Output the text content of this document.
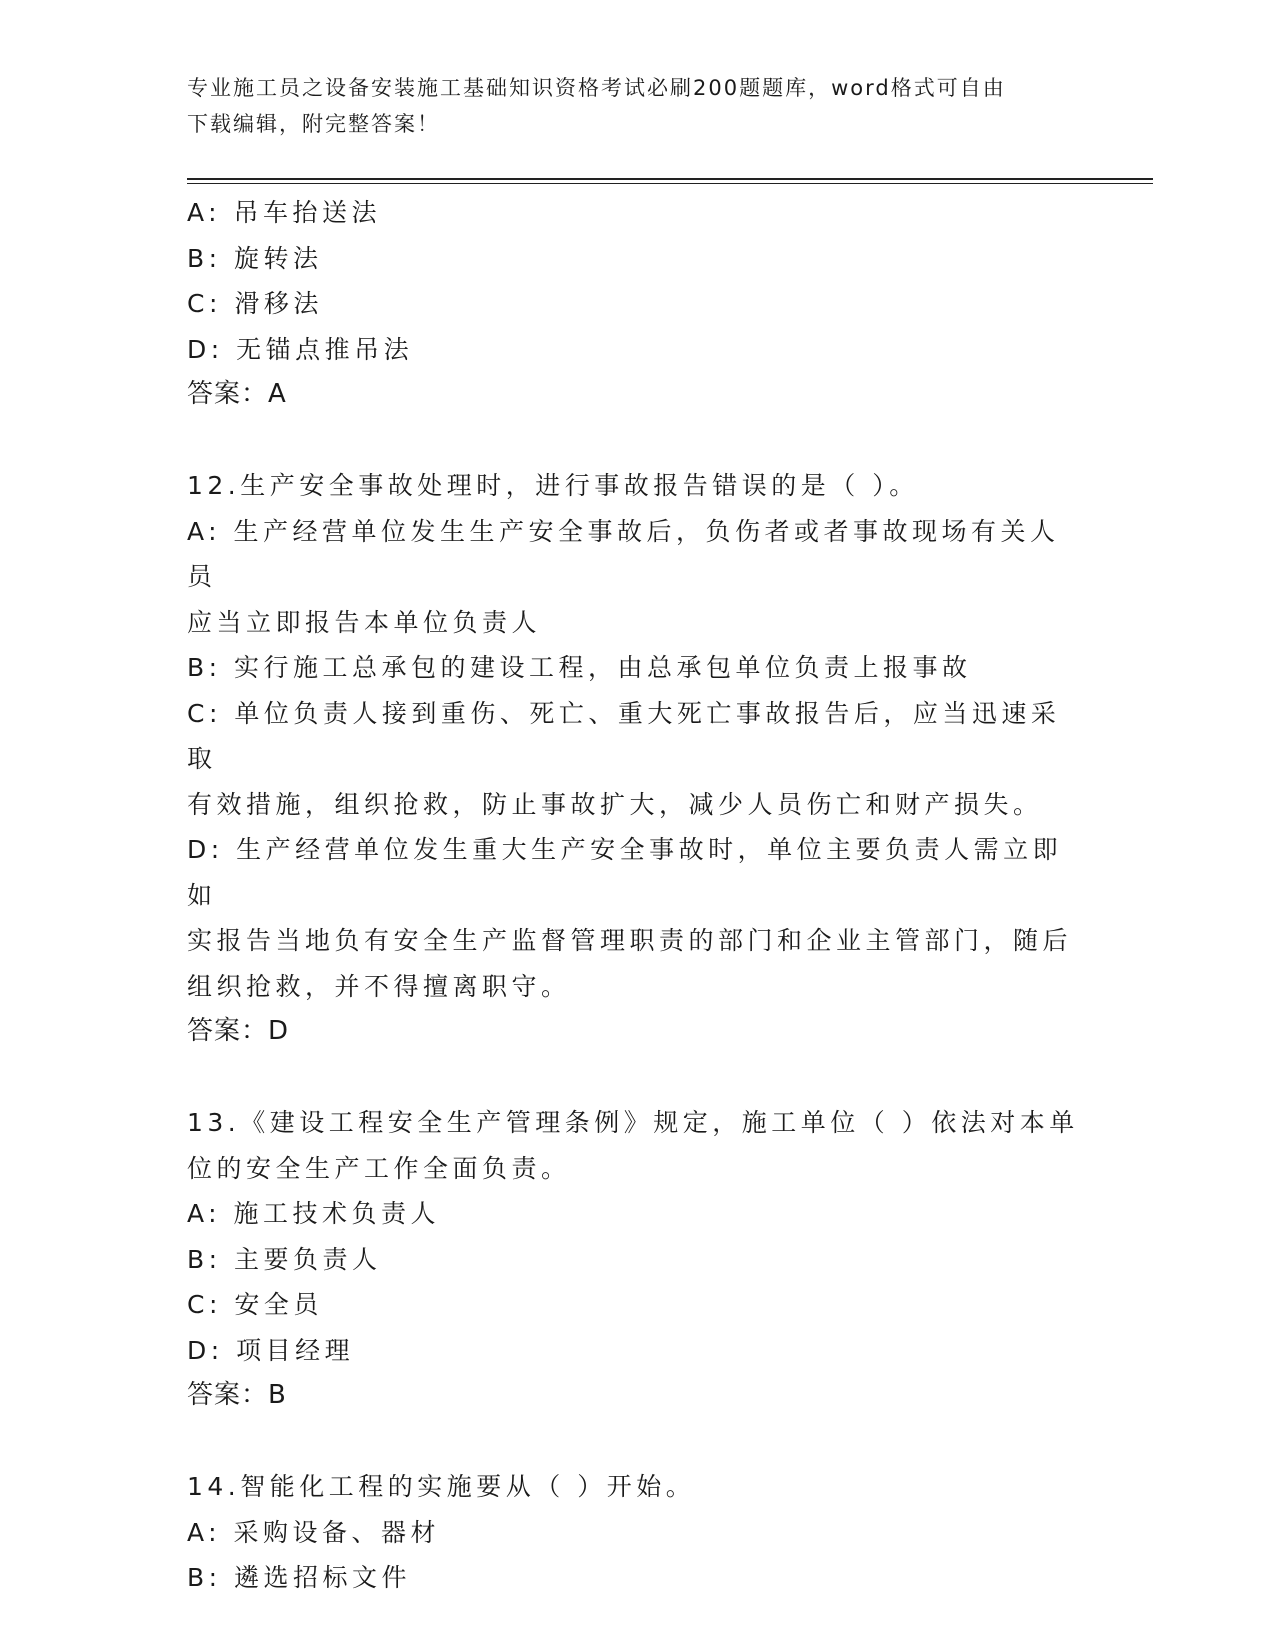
专业施工员之设备安装施工基础知识资格考试必刷200题题库，word格式可自由
下载编辑，附完整答案！
A: 吊车抬送法
B: 旋转法
C: 滑移法
D: 无锚点推吊法
答案：A
12.生产安全事故处理时，进行事故报告错误的是（ ）。
A: 生产经营单位发生生产安全事故后，负伤者或者事故现场有关人员
应当立即报告本单位负责人
B: 实行施工总承包的建设工程，由总承包单位负责上报事故
C: 单位负责人接到重伤、死亡、重大死亡事故报告后，应当迅速采取
有效措施，组织抢救，防止事故扩大，减少人员伤亡和财产损失。
D: 生产经营单位发生重大生产安全事故时，单位主要负责人需立即如
实报告当地负有安全生产监督管理职责的部门和企业主管部门，随后
组织抢救，并不得擅离职守。
答案：D
13.《建设工程安全生产管理条例》规定，施工单位（ ）依法对本单
位的安全生产工作全面负责。
A: 施工技术负责人
B: 主要负责人
C: 安全员
D: 项目经理
答案：B
14.智能化工程的实施要从（ ）开始。
A: 采购设备、器材
B: 遴选招标文件
